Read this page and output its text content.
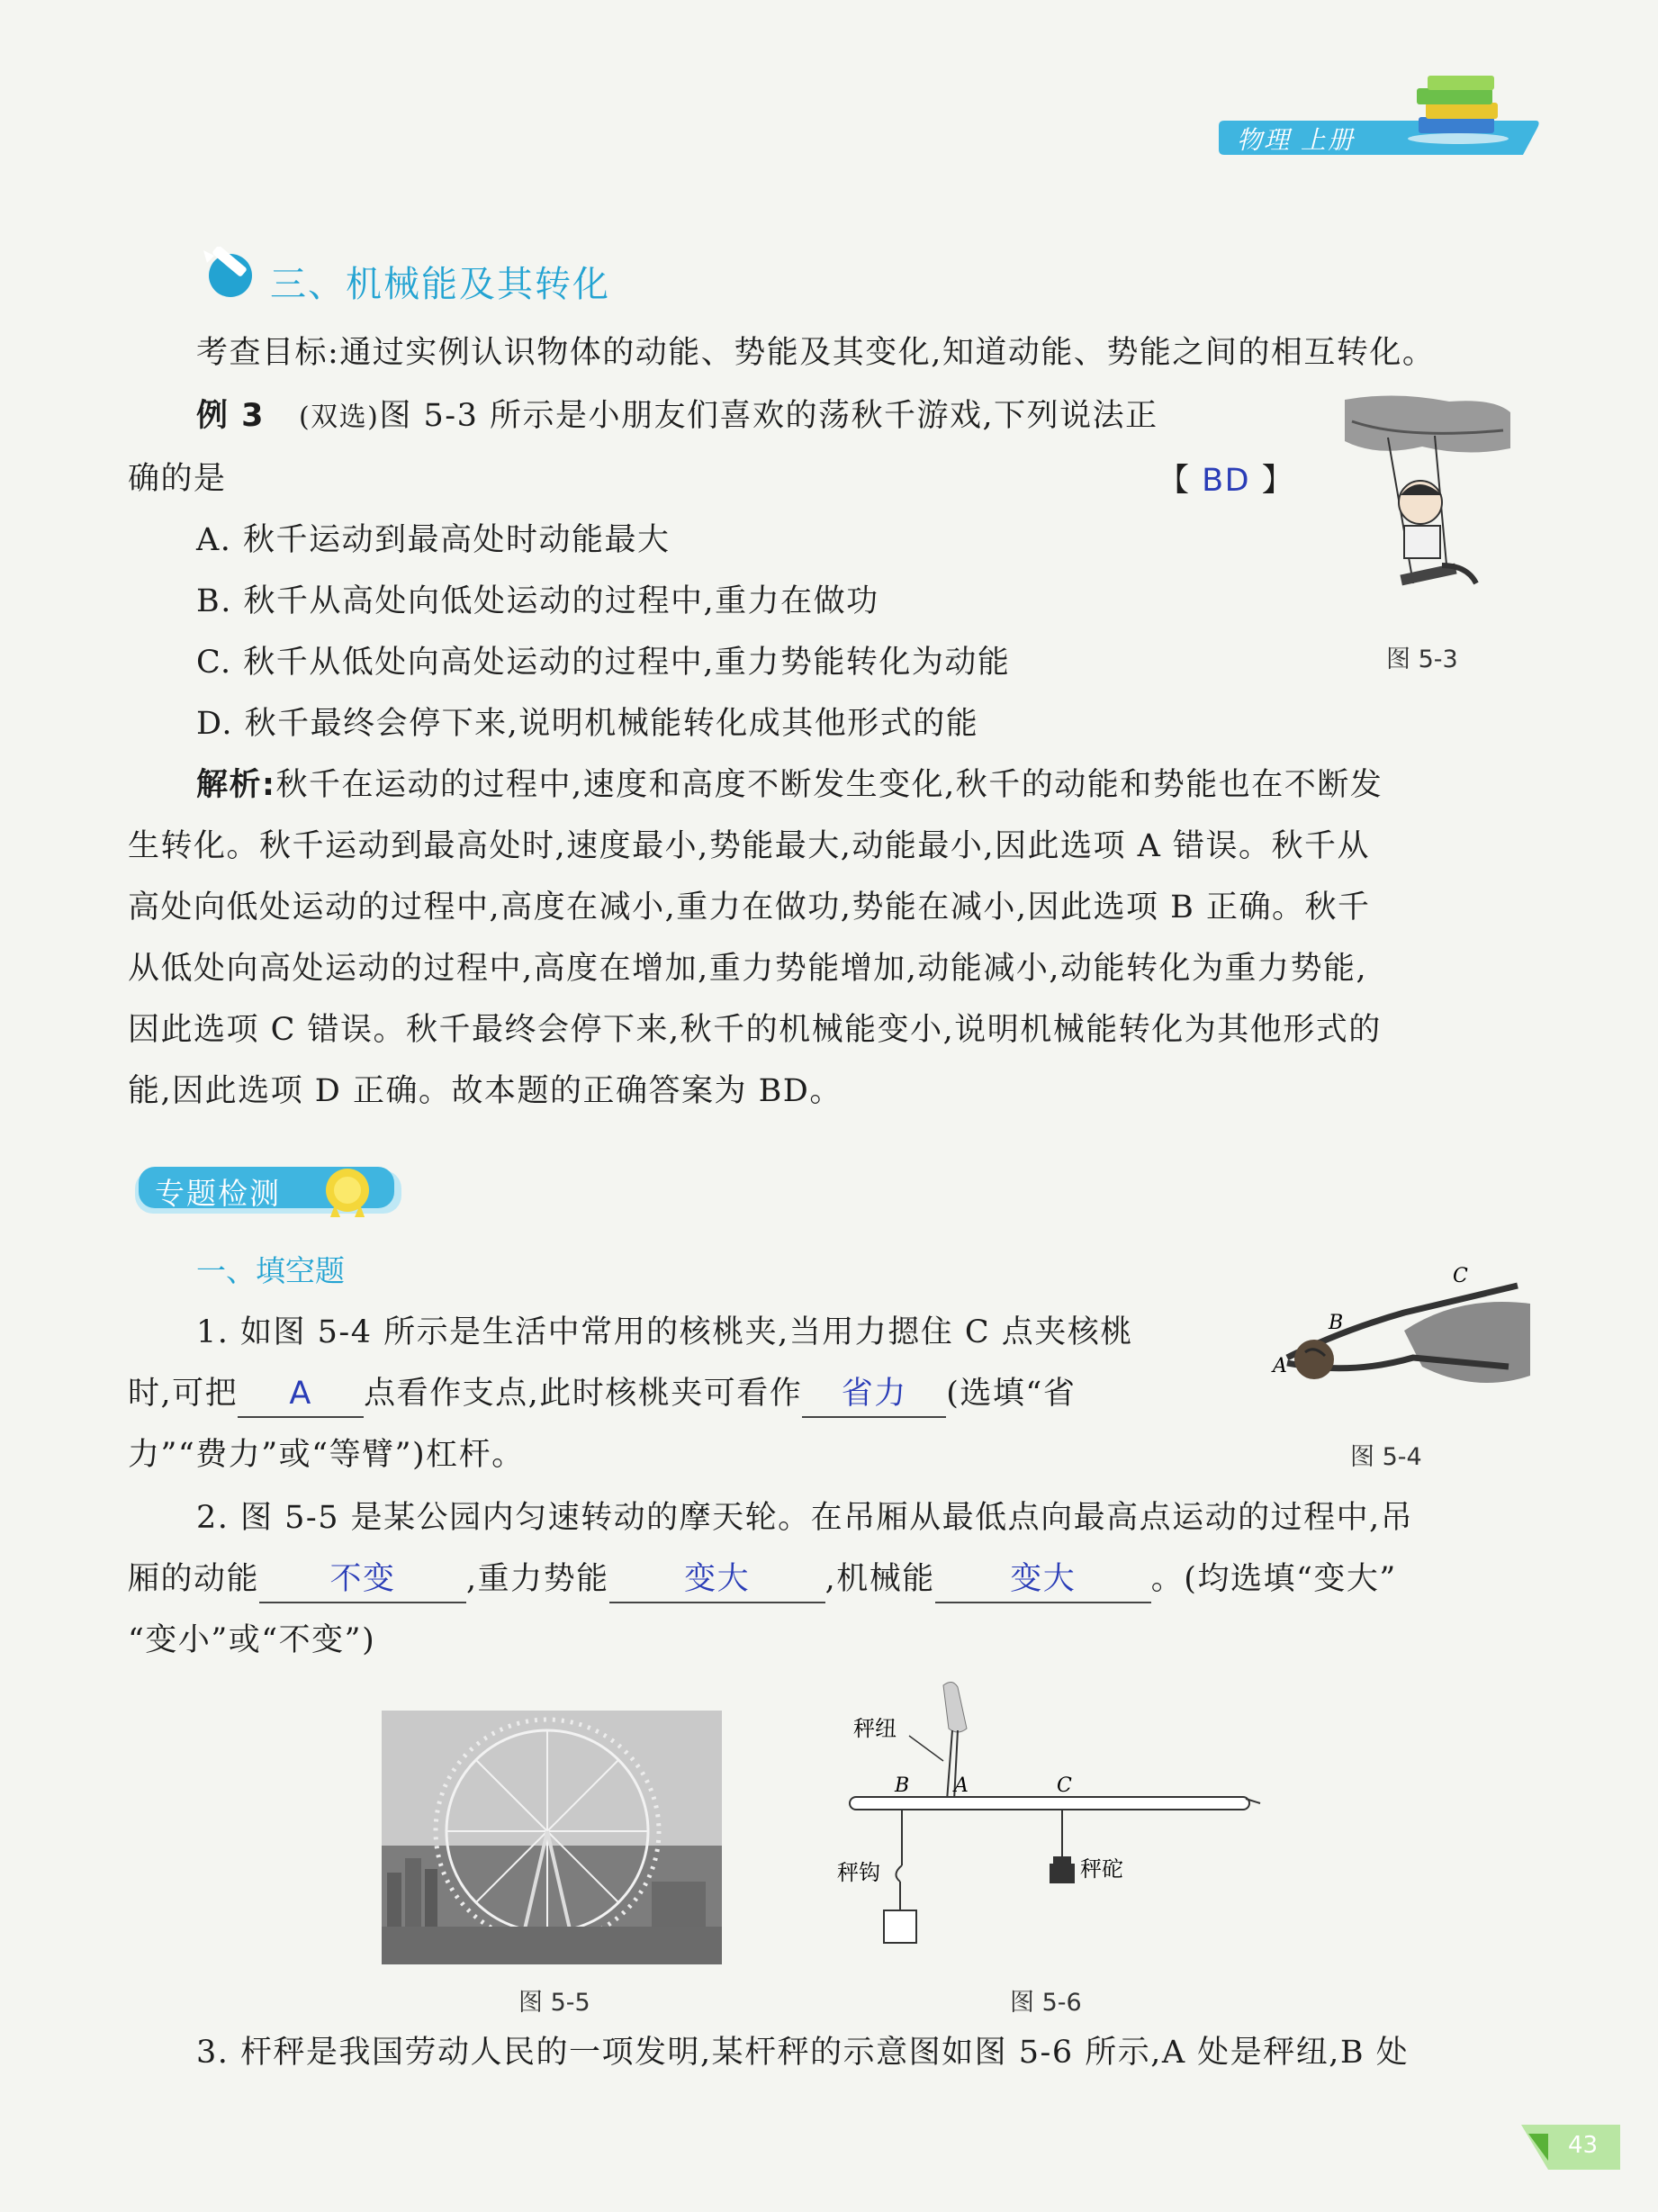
物理 上册
三、机械能及其转化
考查目标:通过实例认识物体的动能、势能及其变化,知道动能、势能之间的相互转化。
例 3 (双选)图 5-3 所示是小朋友们喜欢的荡秋千游戏,下列说法正
确的是	【 BD 】
A. 秋千运动到最高处时动能最大
B. 秋千从高处向低处运动的过程中,重力在做功
C. 秋千从低处向高处运动的过程中,重力势能转化为动能
D. 秋千最终会停下来,说明机械能转化成其他形式的能
图 5-3
解析:秋千在运动的过程中,速度和高度不断发生变化,秋千的动能和势能也在不断发
生转化。秋千运动到最高处时,速度最小,势能最大,动能最小,因此选项 A 错误。秋千从
高处向低处运动的过程中,高度在减小,重力在做功,势能在减小,因此选项 B 正确。秋千
从低处向高处运动的过程中,高度在增加,重力势能增加,动能减小,动能转化为重力势能,
因此选项 C 错误。秋千最终会停下来,秋千的机械能变小,说明机械能转化为其他形式的
能,因此选项 D 正确。故本题的正确答案为 BD。
专题检测
一、填空题
1. 如图 5-4 所示是生活中常用的核桃夹,当用力摁住 C 点夹核桃
时,可把 A 点看作支点,此时核桃夹可看作 省力 (选填“省
力”“费力”或“等臂”)杠杆。
A
B
C
图 5-4
2. 图 5-5 是某公园内匀速转动的摩天轮。在吊厢从最低点向最高点运动的过程中,吊
厢的动能 不变 ,重力势能 变大 ,机械能 变大 。(均选填“变大”
“变小”或“不变”)
图 5-5
秤纽
B A	C
秤钩	秤砣
图 5-6
3. 杆秤是我国劳动人民的一项发明,某杆秤的示意图如图 5-6 所示,A 处是秤纽,B 处
43
